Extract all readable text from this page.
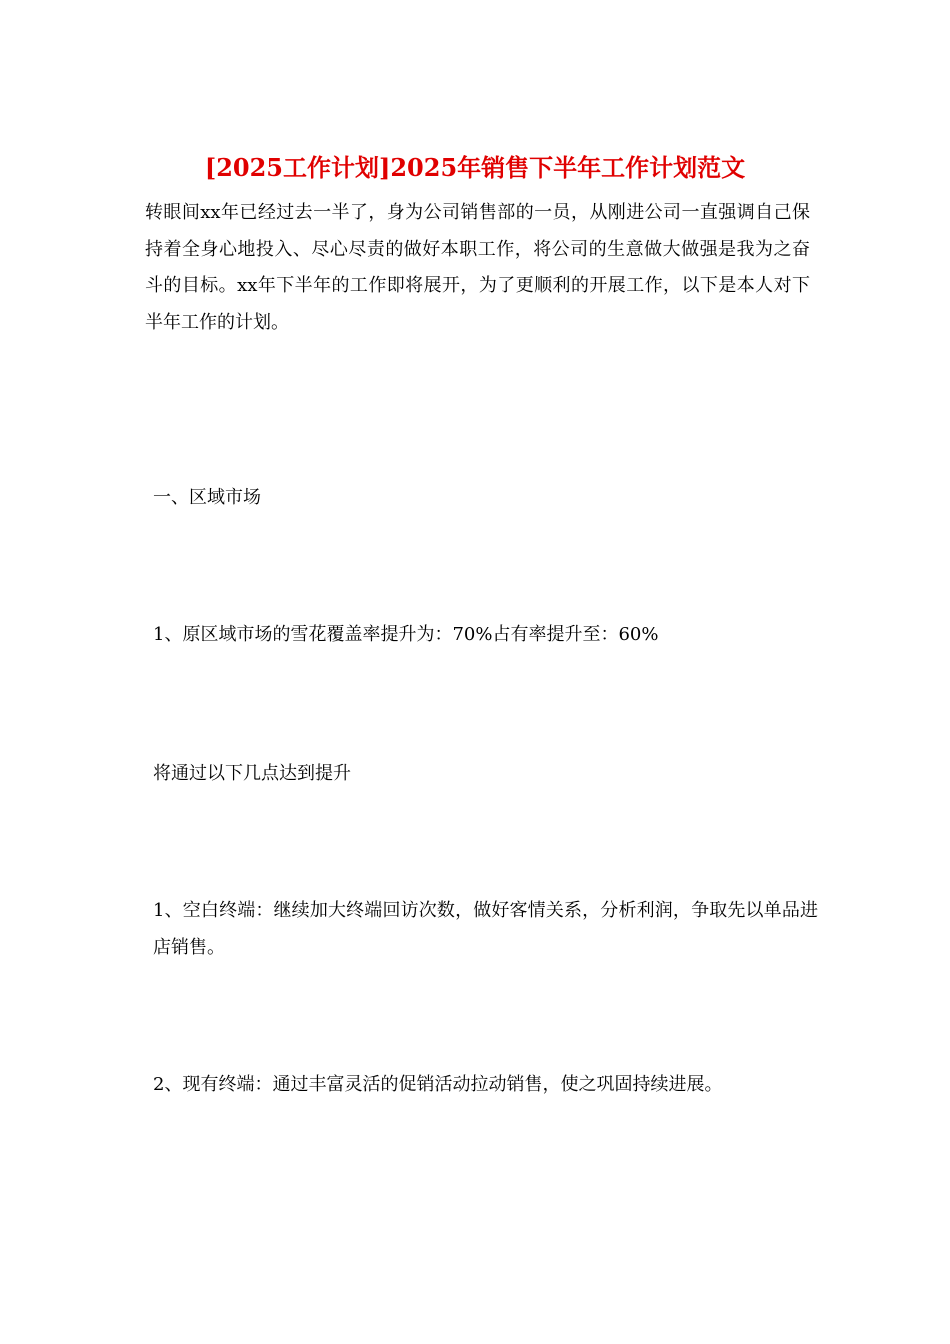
[2025工作计划]2025年销售下半年工作计划范文
转眼间xx年已经过去一半了，身为公司销售部的一员，从刚进公司一直强调自己保持着全身心地投入、尽心尽责的做好本职工作，将公司的生意做大做强是我为之奋斗的目标。xx年下半年的工作即将展开，为了更顺利的开展工作，以下是本人对下半年工作的计划。
一、区域市场
1、原区域市场的雪花覆盖率提升为：70%占有率提升至：60%
将通过以下几点达到提升
1、空白终端：继续加大终端回访次数，做好客情关系，分析利润，争取先以单品进店销售。
2、现有终端：通过丰富灵活的促销活动拉动销售，使之巩固持续进展。
